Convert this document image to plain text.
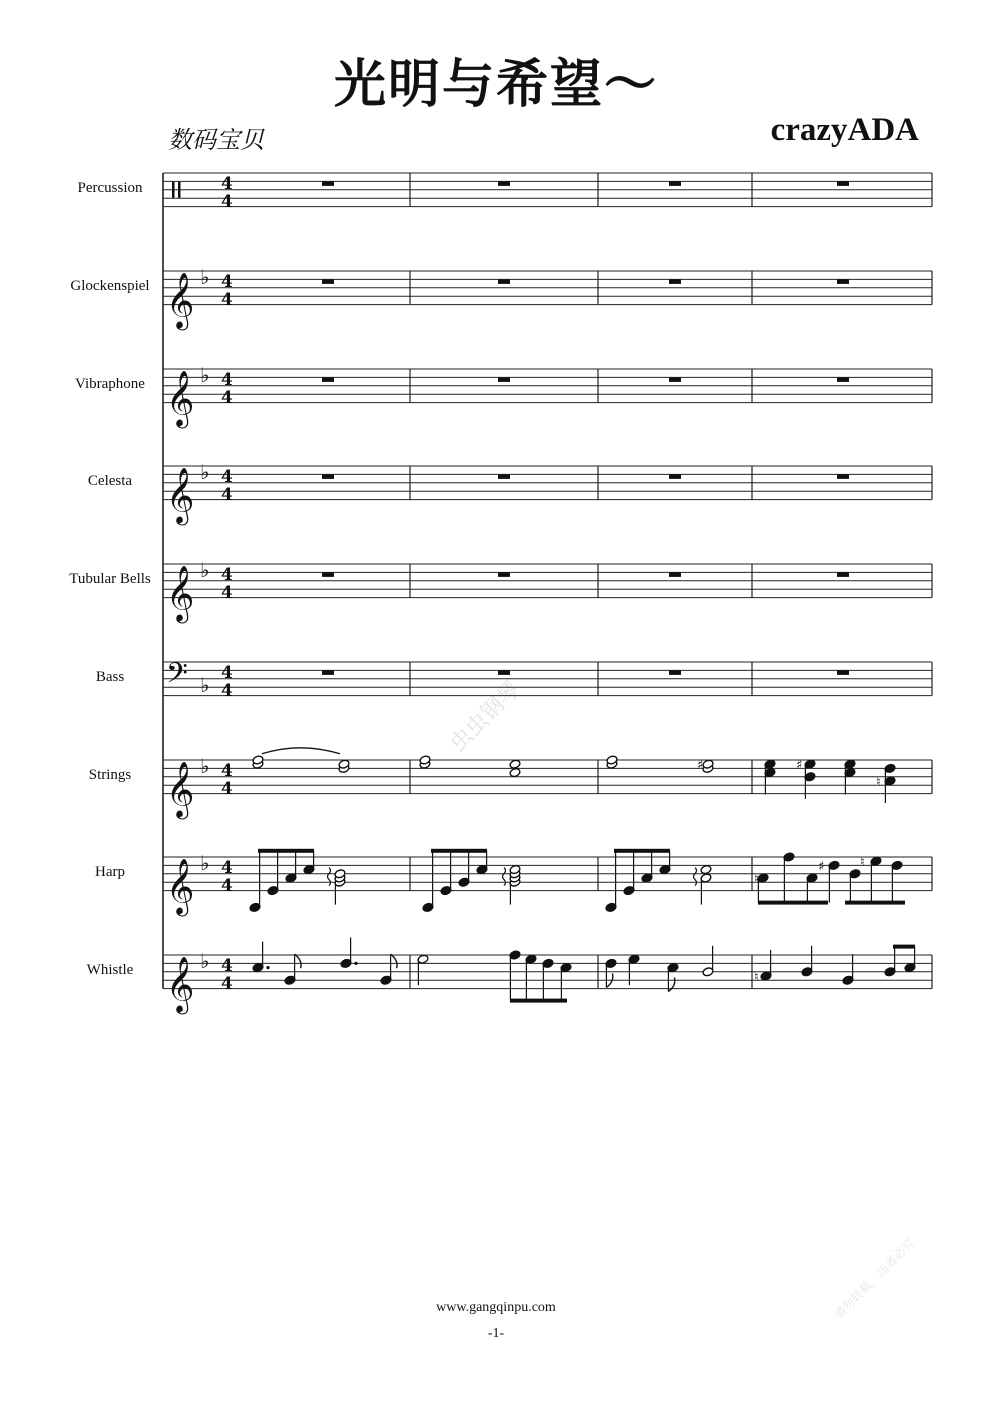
光明与希望～
数码宝贝	crazyADA
虫虫钢琴
请勿转载，违者必究
Percussion
Glockenspiel
Vibraphone
Celesta
Tubular Bells
Bass
Strings
Harp
Whistle
4
4
𝄞 ♭ 4
4
𝄞 ♭ 4
4
𝄞 ♭ 4
4
𝄞 ♭ 4
4
𝄢 ♭
4
4
𝄞 ♭ 4
4
♯	♯
♮
𝄞 ♭ 4
4	♮
♯	♮
𝄞 ♭ 4
4
♪
♮
www.gangqinpu.com
-1-
